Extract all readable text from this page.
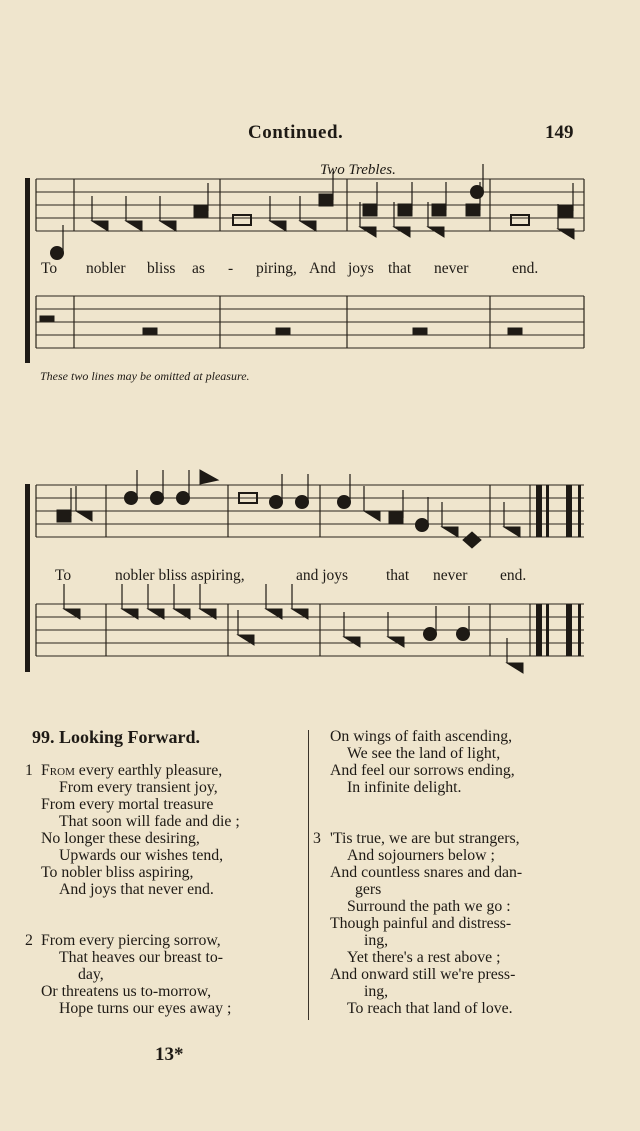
Continued.	149
Two Trebles.
To nobler bliss as - piring, And joys that never	end.
These two lines may be omitted at pleasure.
To	nobler bliss aspiring,	and joys that never end.
99. Looking Forward.
1 From every earthly pleasure,
From every transient joy,
From every mortal treasure
That soon will fade and die ;
No longer these desiring,
Upwards our wishes tend,
To nobler bliss aspiring,
And joys that never end.
2 From every piercing sorrow,
That heaves our breast to-
day,
Or threatens us to-morrow,
Hope turns our eyes away ;
On wings of faith ascending,
We see the land of light,
And feel our sorrows ending,
In infinite delight.
3 'Tis true, we are but strangers,
And sojourners below ;
And countless snares and dan-
gers
Surround the path we go :
Though painful and distress-
ing,
Yet there's a rest above ;
And onward still we're press-
ing,
To reach that land of love.
13*
